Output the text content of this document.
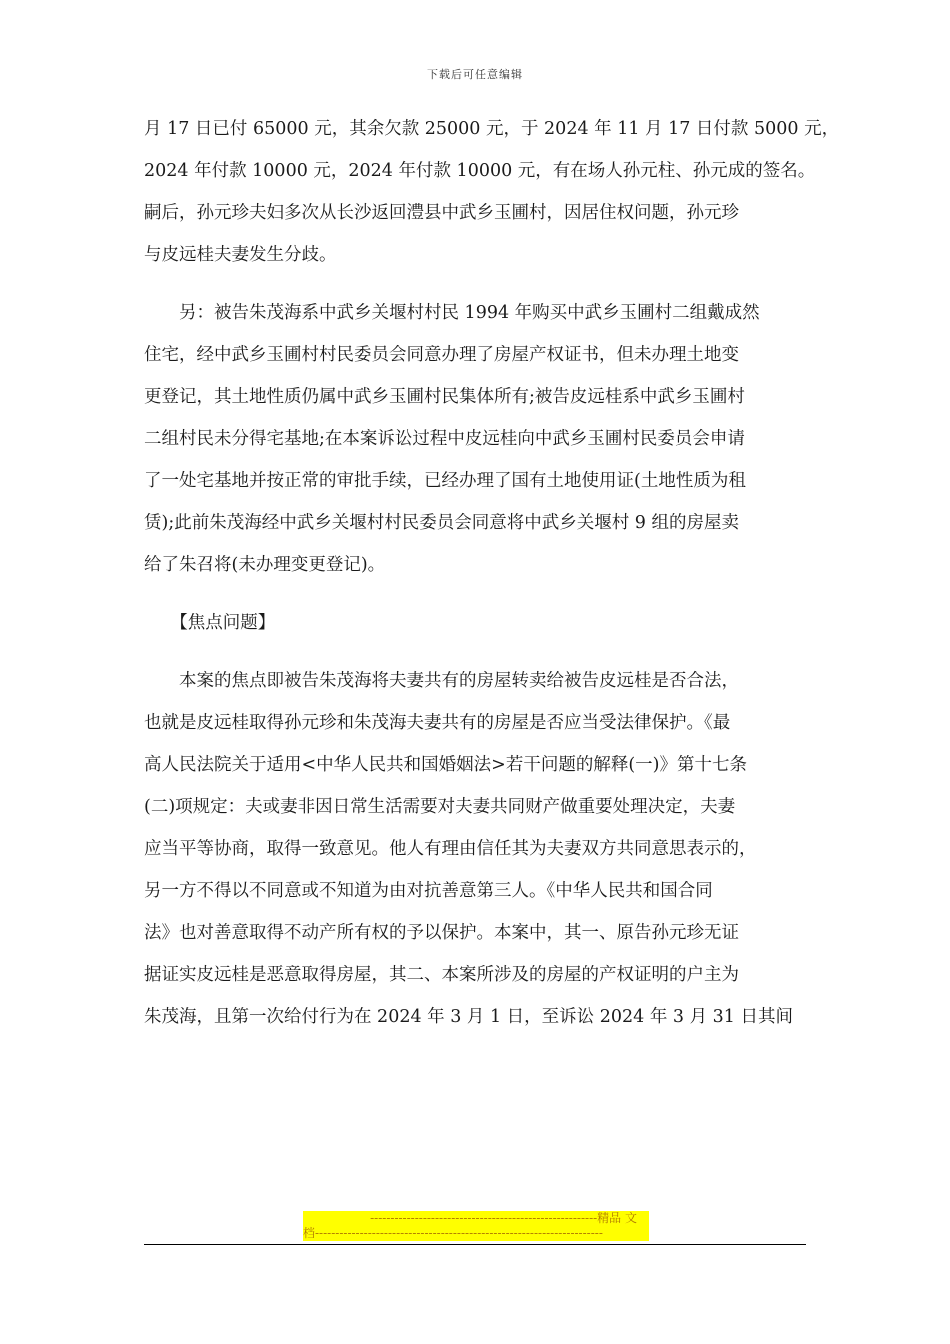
下载后可任意编辑
月 17 日已付 65000 元，其余欠款 25000 元，于 2024 年 11 月 17 日付款 5000 元，
2024 年付款 10000 元，2024 年付款 10000 元，有在场人孙元柱、孙元成的签名。
嗣后，孙元珍夫妇多次从长沙返回澧县中武乡玉圃村，因居住权问题，孙元珍
与皮远桂夫妻发生分歧。
　　另：被告朱茂海系中武乡关堰村村民 1994 年购买中武乡玉圃村二组戴成然
住宅，经中武乡玉圃村村民委员会同意办理了房屋产权证书，但未办理土地变
更登记，其土地性质仍属中武乡玉圃村民集体所有;被告皮远桂系中武乡玉圃村
二组村民未分得宅基地;在本案诉讼过程中皮远桂向中武乡玉圃村民委员会申请
了一处宅基地并按正常的审批手续，已经办理了国有土地使用证(土地性质为租
赁);此前朱茂海经中武乡关堰村村民委员会同意将中武乡关堰村 9 组的房屋卖
给了朱召将(未办理变更登记)。
　　【焦点问题】
　　本案的焦点即被告朱茂海将夫妻共有的房屋转卖给被告皮远桂是否合法，
也就是皮远桂取得孙元珍和朱茂海夫妻共有的房屋是否应当受法律保护。《最
高人民法院关于适用<中华人民共和国婚姻法>若干问题的解释(一)》第十七条
(二)项规定：夫或妻非因日常生活需要对夫妻共同财产做重要处理决定，夫妻
应当平等协商，取得一致意见。他人有理由信任其为夫妻双方共同意思表示的，
另一方不得以不同意或不知道为由对抗善意第三人。《中华人民共和国合同
法》也对善意取得不动产所有权的予以保护。本案中，其一、原告孙元珍无证
据证实皮远桂是恶意取得房屋，其二、本案所涉及的房屋的产权证明的户主为
朱茂海，且第一次给付行为在 2024 年 3 月 1 日，至诉讼 2024 年 3 月 31 日其间
--------------------------------------------------------精品 文
档-----------------------------------------------------------------------
